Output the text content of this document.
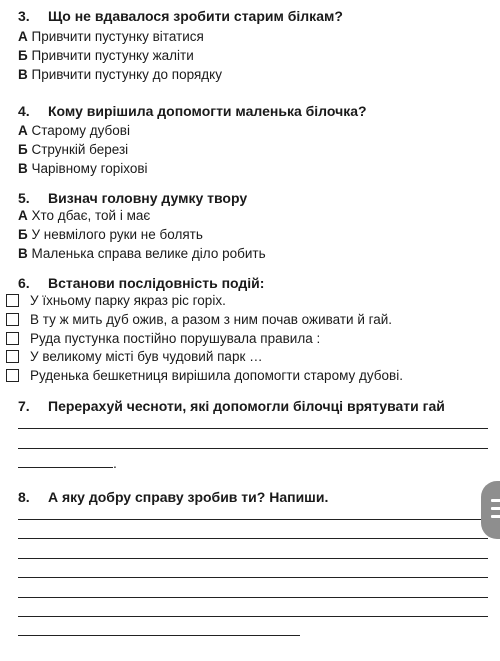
3. Що не вдавалося зробити старим білкам?
А Привчити пустунку вітатися
Б Привчити пустунку жаліти
В Привчити пустунку до порядку
4. Кому вирішила допомогти маленька білочка?
А Старому дубові
Б Стрункій березі
В Чарівному горіхові
5. Визнач головну думку твору
А Хто дбає, той і має
Б У невмілого руки не болять
В Маленька справа велике діло робить
6. Встанови послідовність подій:
У їхньому парку якраз ріс горіх.
В ту ж мить дуб ожив, а разом з ним почав оживати й гай.
Руда пустунка постійно порушувала правила :
У великому місті був чудовий парк …
Руденька бешкетниця вирішила допомогти старому дубові.
7. Перерахуй чесноти, які допомогли білочці врятувати гай
.
8. А яку добру справу зробив ти? Напиши.
